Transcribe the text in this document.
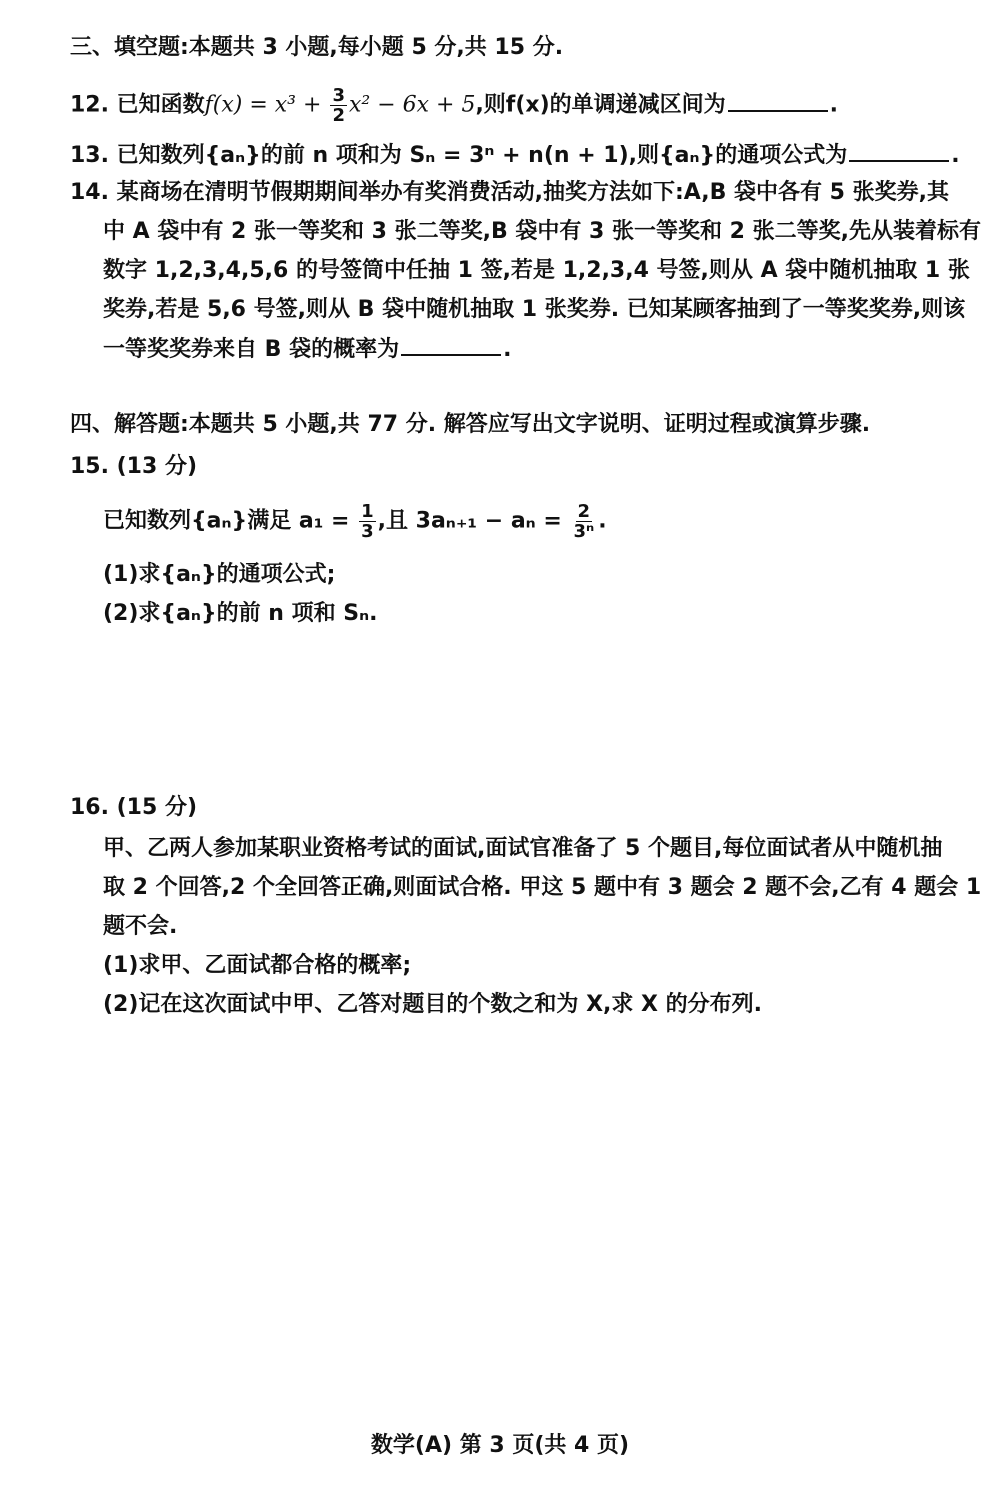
三、填空题:本题共 3 小题,每小题 5 分,共 15 分.
12. 已知函数$f(x) = x^3 + \frac{3}{2} x^2 - 6x + 5$,则f(x)的单调递减区间为	.
13. 已知数列{aₙ}的前 n 项和为 Sₙ = 3ⁿ + n(n + 1),则{aₙ}的通项公式为	.
14. 某商场在清明节假期期间举办有奖消费活动,抽奖方法如下:A,B 袋中各有 5 张奖券,其
中 A 袋中有 2 张一等奖和 3 张二等奖,B 袋中有 3 张一等奖和 2 张二等奖,先从装着标有
数字 1,2,3,4,5,6 的号签筒中任抽 1 签,若是 1,2,3,4 号签,则从 A 袋中随机抽取 1 张
奖券,若是 5,6 号签,则从 B 袋中随机抽取 1 张奖券. 已知某顾客抽到了一等奖奖券,则该
一等奖奖券来自 B 袋的概率为	.
四、解答题:本题共 5 小题,共 77 分. 解答应写出文字说明、证明过程或演算步骤.
15. (13 分)
已知数列{aₙ}满足 $a_1 = \frac{1}{3}$ ,且 $3a_{n+1} - a_n = \frac{2}{\text{3ⁿ}}$ .
(1)求{aₙ}的通项公式;
(2)求{aₙ}的前 n 项和 Sₙ.
16. (15 分)
甲、乙两人参加某职业资格考试的面试,面试官准备了 5 个题目,每位面试者从中随机抽
取 2 个回答,2 个全回答正确,则面试合格. 甲这 5 题中有 3 题会 2 题不会,乙有 4 题会 1
题不会.
(1)求甲、乙面试都合格的概率;
(2)记在这次面试中甲、乙答对题目的个数之和为 X,求 X 的分布列.
数学(A) 第 3 页(共 4 页)
